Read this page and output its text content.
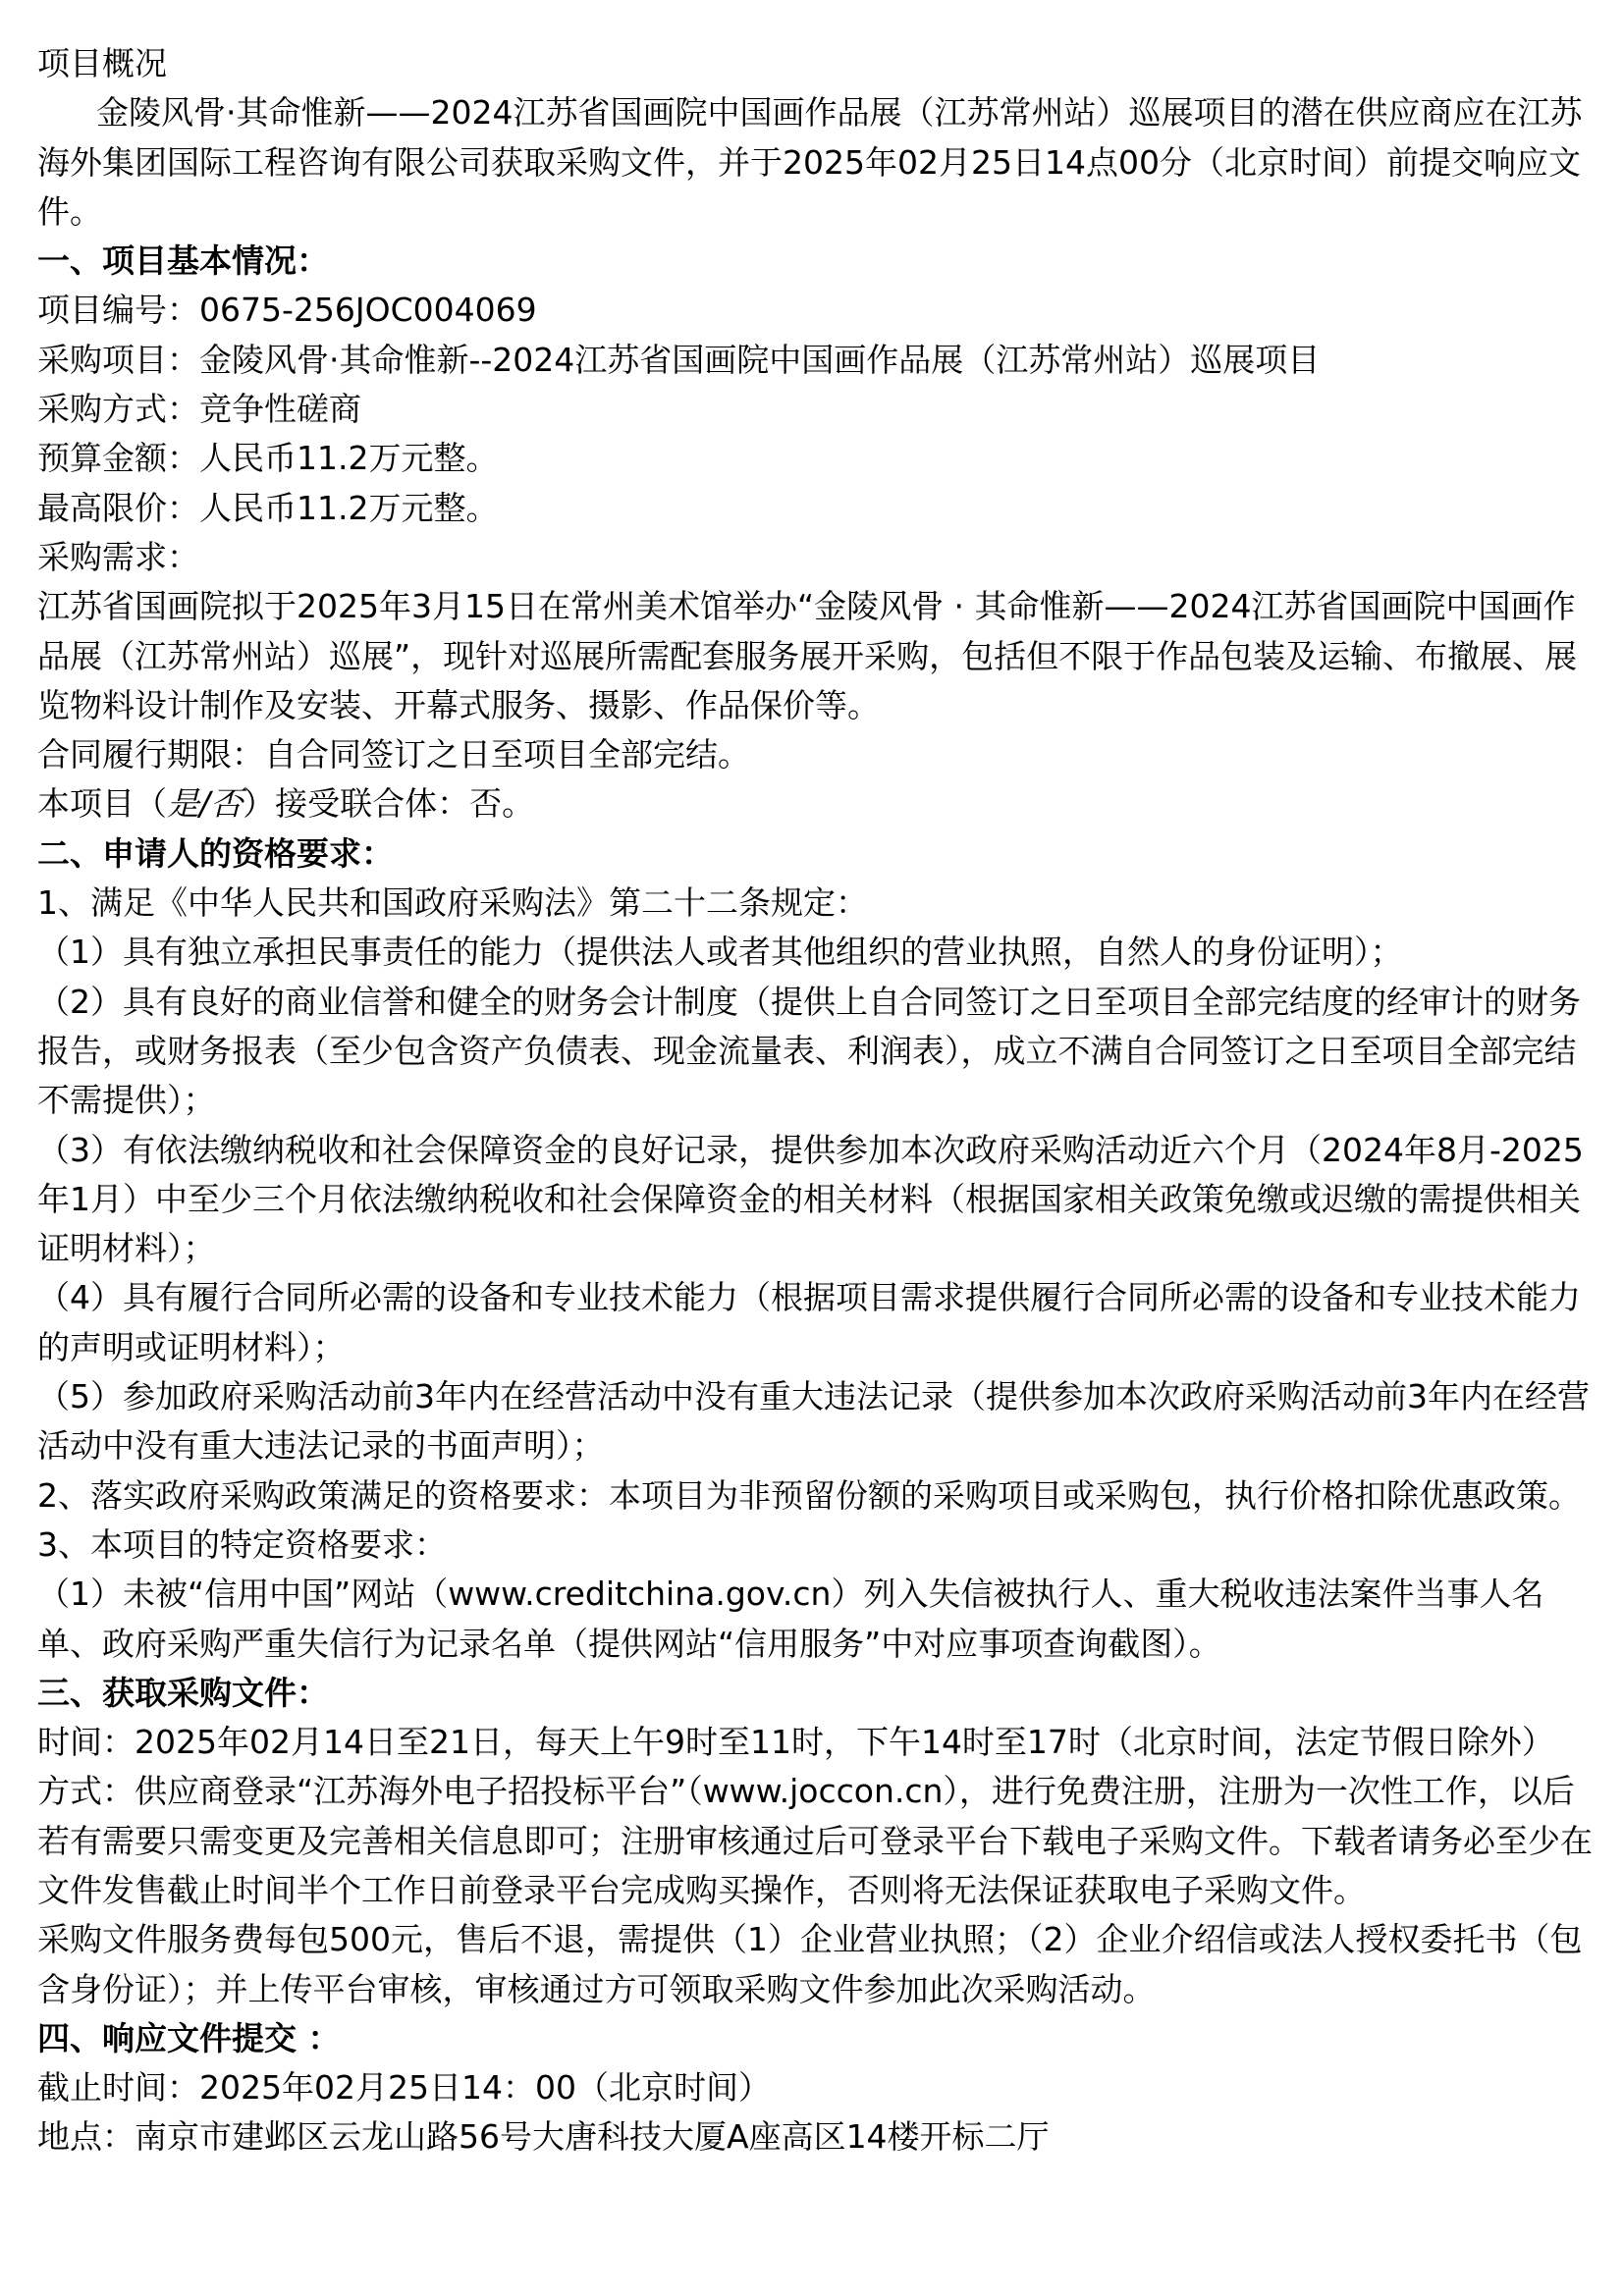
项目概况

金陵风骨·其命惟新——2024江苏省国画院中国画作品展（江苏常州站）巡展项目的潜在供应商应在江苏海外集团国际工程咨询有限公司获取采购文件，并于2025年02月25日14点00分（北京时间）前提交响应文件。

一、项目基本情况：

项目编号：0675-256JOC004069

采购项目：金陵风骨·其命惟新--2024江苏省国画院中国画作品展（江苏常州站）巡展项目

采购方式：竞争性磋商

预算金额：人民币11.2万元整。

最高限价：人民币11.2万元整。

采购需求：

江苏省国画院拟于2025年3月15日在常州美术馆举办“金陵风骨 · 其命惟新——2024江苏省国画院中国画作品展（江苏常州站）巡展”，现针对巡展所需配套服务展开采购，包括但不限于作品包装及运输、布撤展、展览物料设计制作及安装、开幕式服务、摄影、作品保价等。

合同履行期限：自合同签订之日至项目全部完结。

本项目（是/否）接受联合体：否。

二、申请人的资格要求：

1、满足《中华人民共和国政府采购法》第二十二条规定：

（1）具有独立承担民事责任的能力（提供法人或者其他组织的营业执照，自然人的身份证明）；

（2）具有良好的商业信誉和健全的财务会计制度（提供上自合同签订之日至项目全部完结度的经审计的财务报告，或财务报表（至少包含资产负债表、现金流量表、利润表），成立不满自合同签订之日至项目全部完结不需提供）；

（3）有依法缴纳税收和社会保障资金的良好记录，提供参加本次政府采购活动近六个月（2024年8月-2025年1月）中至少三个月依法缴纳税收和社会保障资金的相关材料（根据国家相关政策免缴或迟缴的需提供相关证明材料）；

（4）具有履行合同所必需的设备和专业技术能力（根据项目需求提供履行合同所必需的设备和专业技术能力的声明或证明材料）；

（5）参加政府采购活动前3年内在经营活动中没有重大违法记录（提供参加本次政府采购活动前3年内在经营活动中没有重大违法记录的书面声明）；

2、落实政府采购政策满足的资格要求：本项目为非预留份额的采购项目或采购包，执行价格扣除优惠政策。

3、本项目的特定资格要求：

（1）未被“信用中国”网站（www.creditchina.gov.cn）列入失信被执行人、重大税收违法案件当事人名单、政府采购严重失信行为记录名单（提供网站“信用服务”中对应事项查询截图）。

三、获取采购文件：

时间：2025年02月14日至21日，每天上午9时至11时，下午14时至17时（北京时间，法定节假日除外）

方式：供应商登录“江苏海外电子招投标平台”（www.joccon.cn），进行免费注册，注册为一次性工作，以后若有需要只需变更及完善相关信息即可；注册审核通过后可登录平台下载电子采购文件。下载者请务必至少在文件发售截止时间半个工作日前登录平台完成购买操作，否则将无法保证获取电子采购文件。

采购文件服务费每包500元，售后不退，需提供（1）企业营业执照；（2）企业介绍信或法人授权委托书（包含身份证）；并上传平台审核，审核通过方可领取采购文件参加此次采购活动。

四、响应文件提交 ：

截止时间：2025年02月25日14：00（北京时间）

地点：南京市建邺区云龙山路56号大唐科技大厦A座高区14楼开标二厅
